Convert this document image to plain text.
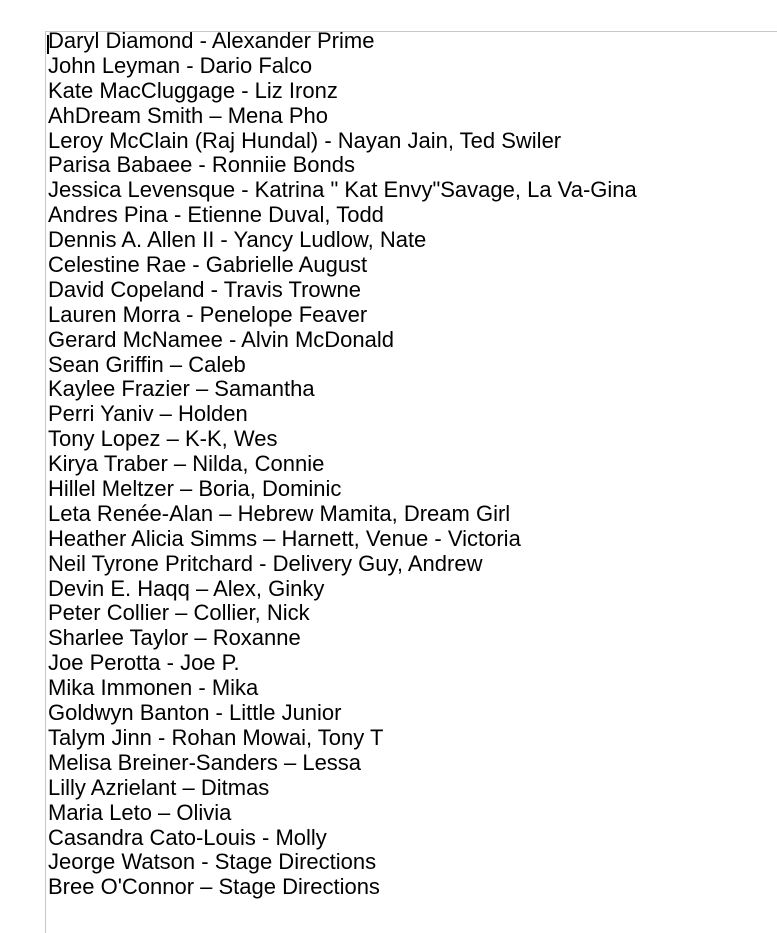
Daryl Diamond - Alexander Prime
John Leyman - Dario Falco
Kate MacCluggage - Liz Ironz
AhDream Smith – Mena Pho
Leroy McClain (Raj Hundal) - Nayan Jain, Ted Swiler
Parisa Babaee - Ronniie Bonds
Jessica Levensque - Katrina " Kat Envy"Savage, La Va-Gina
Andres Pina - Etienne Duval, Todd
Dennis A. Allen II - Yancy Ludlow, Nate
Celestine Rae - Gabrielle August
David Copeland - Travis Trowne
Lauren Morra - Penelope Feaver
Gerard McNamee - Alvin McDonald
Sean Griffin – Caleb
Kaylee Frazier – Samantha
Perri Yaniv – Holden
Tony Lopez – K-K, Wes
Kirya Traber – Nilda, Connie
Hillel Meltzer – Boria, Dominic
Leta Renée-Alan – Hebrew Mamita, Dream Girl
Heather Alicia Simms – Harnett, Venue - Victoria
Neil Tyrone Pritchard - Delivery Guy, Andrew
Devin E. Haqq – Alex, Ginky
Peter Collier – Collier, Nick
Sharlee Taylor – Roxanne
Joe Perotta - Joe P.
Mika Immonen - Mika
Goldwyn Banton - Little Junior
Talym Jinn - Rohan Mowai, Tony T
Melisa Breiner-Sanders – Lessa
Lilly Azrielant – Ditmas
Maria Leto – Olivia
Casandra Cato-Louis - Molly
Jeorge Watson - Stage Directions
Bree O'Connor – Stage Directions
